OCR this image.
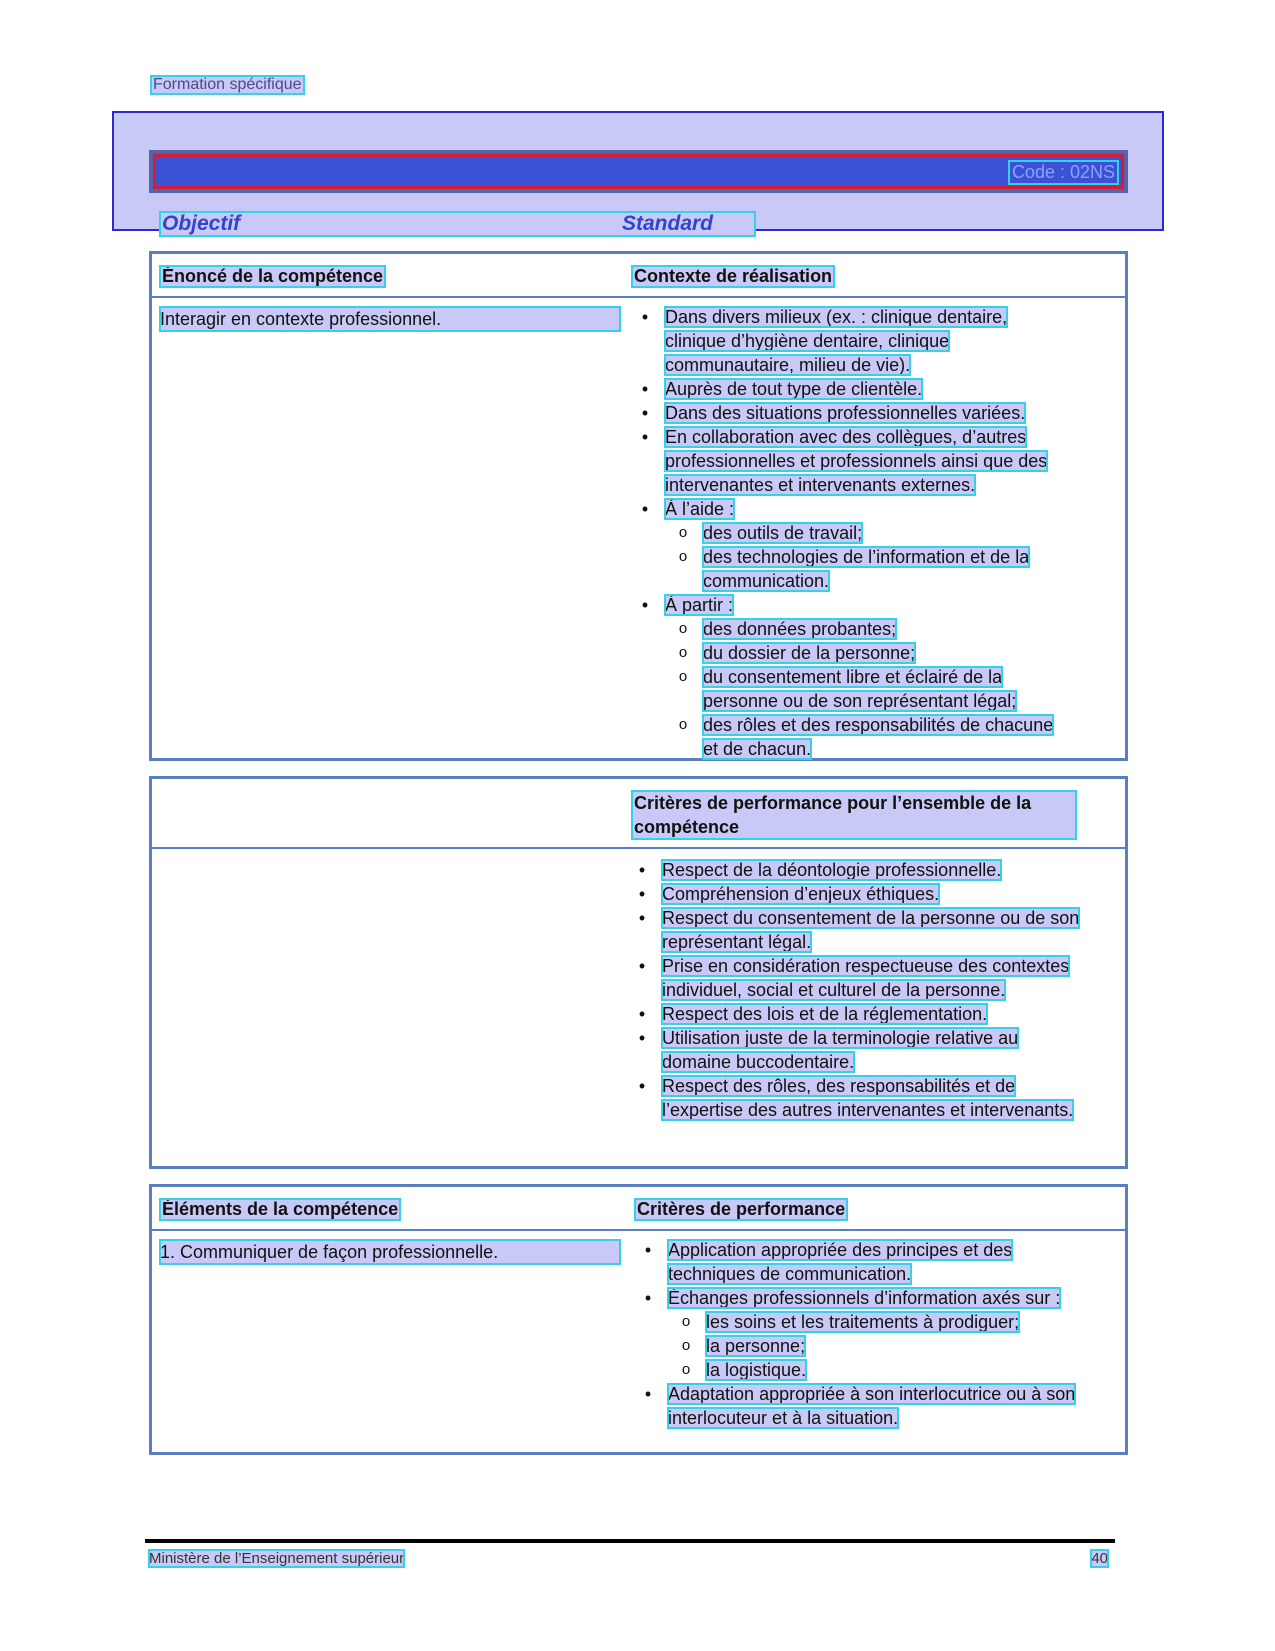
Formation spécifique
Code : 02NS
Objectif	Standard
Énoncé de la compétence	Contexte de réalisation
Interagir en contexte professionnel.	• Dans divers milieux (ex. : clinique dentaire, clinique d’hygiène dentaire, clinique communautaire, milieu de vie).
• Auprès de tout type de clientèle.
• Dans des situations professionnelles variées.
• En collaboration avec des collègues, d’autres professionnelles et professionnels ainsi que des intervenantes et intervenants externes.
• À l’aide :
o des outils de travail;
o des technologies de l’information et de la communication.
• À partir :
o des données probantes;
o du dossier de la personne;
o du consentement libre et éclairé de la personne ou de son représentant légal;
o des rôles et des responsabilités de chacune et de chacun.
Critères de performance pour l’ensemble de la compétence
• Respect de la déontologie professionnelle.
• Compréhension d’enjeux éthiques.
• Respect du consentement de la personne ou de son représentant légal.
• Prise en considération respectueuse des contextes individuel, social et culturel de la personne.
• Respect des lois et de la réglementation.
• Utilisation juste de la terminologie relative au domaine buccodentaire.
• Respect des rôles, des responsabilités et de l’expertise des autres intervenantes et intervenants.
Éléments de la compétence	Critères de performance
1. Communiquer de façon professionnelle.	• Application appropriée des principes et des techniques de communication.
• Échanges professionnels d’information axés sur :
o les soins et les traitements à prodiguer;
o la personne;
o la logistique.
• Adaptation appropriée à son interlocutrice ou à son interlocuteur et à la situation.
Ministère de l’Enseignement supérieur	40
